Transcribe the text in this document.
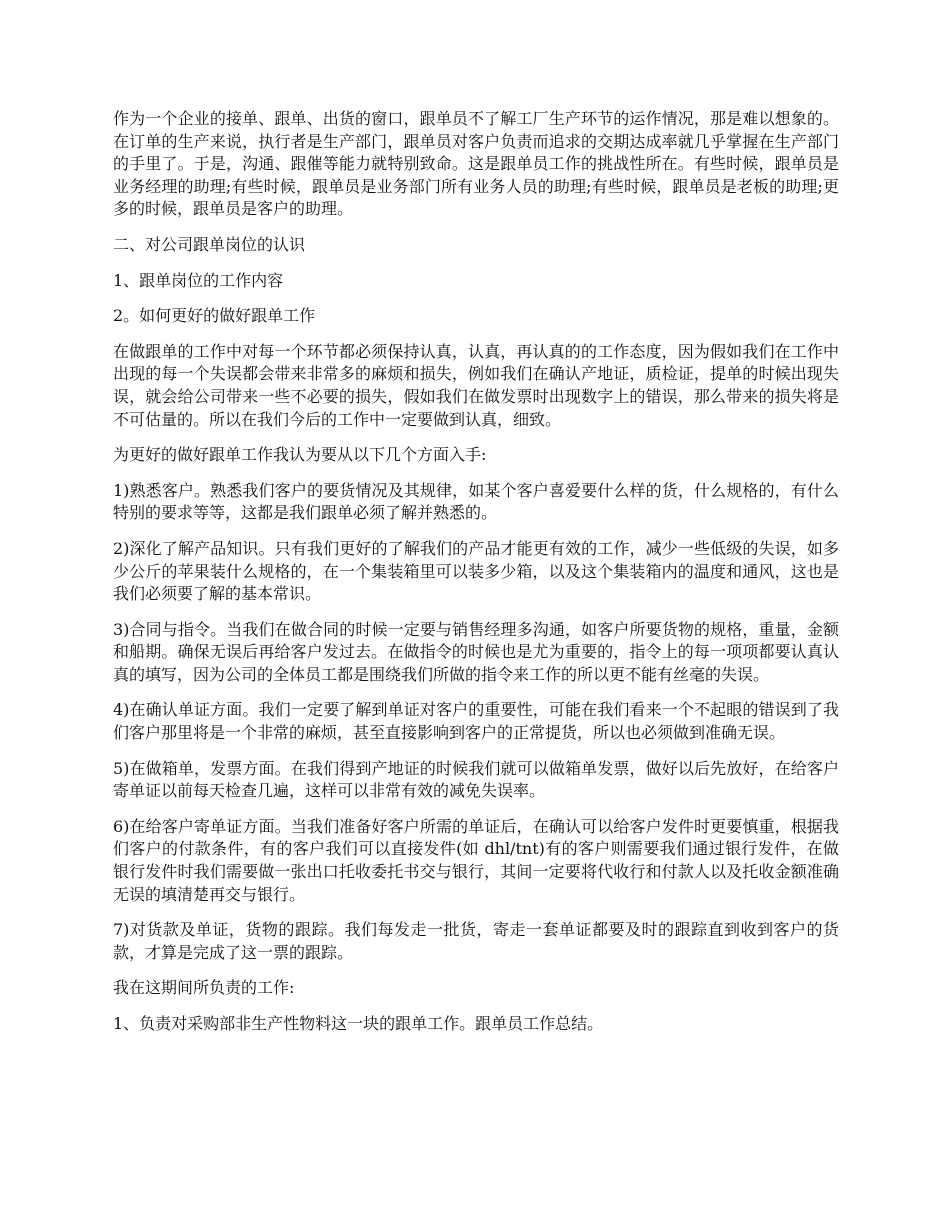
作为一个企业的接单、跟单、出货的窗口，跟单员不了解工厂生产环节的运作情况，那是难以想象的。在订单的生产来说，执行者是生产部门，跟单员对客户负责而追求的交期达成率就几乎掌握在生产部门的手里了。于是，沟通、跟催等能力就特别致命。这是跟单员工作的挑战性所在。有些时候，跟单员是业务经理的助理;有些时候，跟单员是业务部门所有业务人员的助理;有些时候，跟单员是老板的助理;更多的时候，跟单员是客户的助理。

二、对公司跟单岗位的认识

1、跟单岗位的工作内容

2。如何更好的做好跟单工作

在做跟单的工作中对每一个环节都必须保持认真，认真，再认真的的工作态度，因为假如我们在工作中出现的每一个失误都会带来非常多的麻烦和损失，例如我们在确认产地证，质检证，提单的时候出现失误，就会给公司带来一些不必要的损失，假如我们在做发票时出现数字上的错误，那么带来的损失将是不可估量的。所以在我们今后的工作中一定要做到认真，细致。

为更好的做好跟单工作我认为要从以下几个方面入手:

1)熟悉客户。熟悉我们客户的要货情况及其规律，如某个客户喜爱要什么样的货，什么规格的，有什么特别的要求等等，这都是我们跟单必须了解并熟悉的。

2)深化了解产品知识。只有我们更好的了解我们的产品才能更有效的工作，减少一些低级的失误，如多少公斤的苹果装什么规格的，在一个集装箱里可以装多少箱，以及这个集装箱内的温度和通风，这也是我们必须要了解的基本常识。

3)合同与指令。当我们在做合同的时候一定要与销售经理多沟通，如客户所要货物的规格，重量，金额和船期。确保无误后再给客户发过去。在做指令的时候也是尤为重要的，指令上的每一项项都要认真认真的填写，因为公司的全体员工都是围绕我们所做的指令来工作的所以更不能有丝毫的失误。

4)在确认单证方面。我们一定要了解到单证对客户的重要性，可能在我们看来一个不起眼的错误到了我们客户那里将是一个非常的麻烦，甚至直接影响到客户的正常提货，所以也必须做到准确无误。

5)在做箱单，发票方面。在我们得到产地证的时候我们就可以做箱单发票，做好以后先放好，在给客户寄单证以前每天检查几遍，这样可以非常有效的减免失误率。

6)在给客户寄单证方面。当我们准备好客户所需的单证后，在确认可以给客户发件时更要慎重，根据我们客户的付款条件，有的客户我们可以直接发件(如 dhl/tnt)有的客户则需要我们通过银行发件，在做银行发件时我们需要做一张出口托收委托书交与银行，其间一定要将代收行和付款人以及托收金额准确无误的填清楚再交与银行。

7)对货款及单证，货物的跟踪。我们每发走一批货，寄走一套单证都要及时的跟踪直到收到客户的货款，才算是完成了这一票的跟踪。

我在这期间所负责的工作:

1、负责对采购部非生产性物料这一块的跟单工作。跟单员工作总结。
